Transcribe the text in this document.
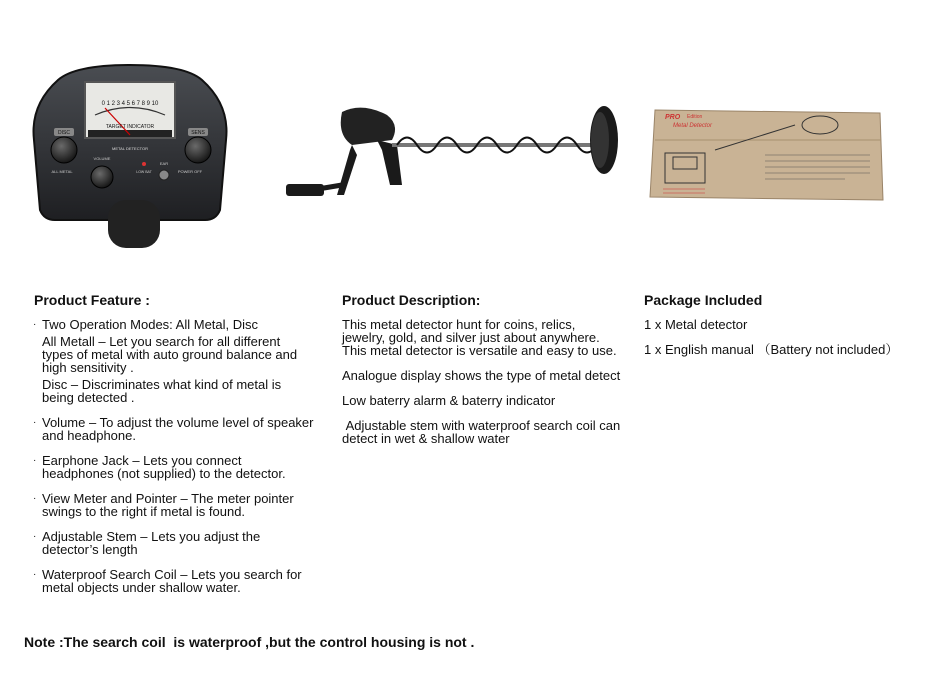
0 1 2 3 4 5 6 7 8 9 10
TARGET INDICATOR
METAL DETECTOR
DISC
ALL METAL
SENS
POWER OFF
VOLUME
LOW BAT
EAR
PRO Edition
Metal Detector
Product Feature :
· Two Operation Modes: All Metal, Disc

All Metall – Let you search for all different types of metal with auto ground balance and high sensitivity .

Disc – Discriminates what kind of metal is being detected .

· Volume – To adjust the volume level of speaker and headphone.

· Earphone Jack – Lets you connect headphones (not supplied) to the detector.

· View Meter and Pointer – The meter pointer swings to the right if metal is found.

· Adjustable Stem – Lets you adjust the detector’s length

· Waterproof Search Coil – Lets you search for metal objects under shallow water.

Product Description:

This metal detector hunt for coins, relics, jewelry, gold, and silver just about anywhere. This metal detector is versatile and easy to use.

Analogue display shows the type of metal detect

Low baterry alarm & baterry indicator

Adjustable stem with waterproof search coil can detect in wet & shallow water

Package Included

1 x Metal detector

1 x English manual （Battery not included）

Note :The search coil  is waterproof ,but the control housing is not .
